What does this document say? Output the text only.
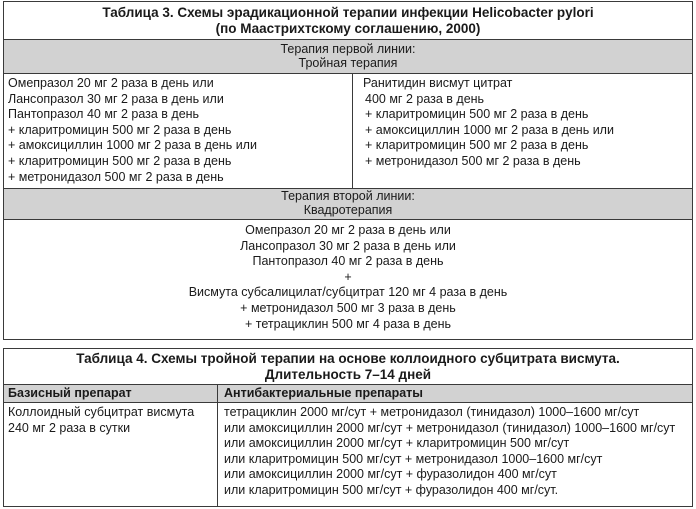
Таблица 3. Схемы эрадикационной терапии инфекции Helicobacter pylori
(по Маастрихтскому соглашению, 2000)
Терапия первой линии:
Тройная терапия
Омепразол 20 мг 2 раза в день или
Лансопразол 30 мг 2 раза в день или
Пантопразол 40 мг 2 раза в день
+ кларитромицин 500 мг 2 раза в день
+ амоксициллин 1000 мг 2 раза в день или
+ кларитромицин 500 мг 2 раза в день
+ метронидазол 500 мг 2 раза в день
Ранитидин висмут цитрат
400 мг 2 раза в день
+ кларитромицин 500 мг 2 раза в день
+ амоксициллин 1000 мг 2 раза в день или
+ кларитромицин 500 мг 2 раза в день
+ метронидазол 500 мг 2 раза в день
Терапия второй линии:
Квадротерапия
Омепразол 20 мг 2 раза в день или
Лансопразол 30 мг 2 раза в день или
Пантопразол 40 мг 2 раза в день
+
Висмута субсалицилат/субцитрат 120 мг 4 раза в день
+ метронидазол 500 мг 3 раза в день
+ тетрациклин 500 мг 4 раза в день
Таблица 4. Схемы тройной терапии на основе коллоидного субцитрата висмута.
Длительность 7–14 дней
Базисный препарат	Антибактериальные препараты
Коллоидный субцитрат висмута
240 мг 2 раза в сутки
тетрациклин 2000 мг/сут + метронидазол (тинидазол) 1000–1600 мг/сут
или амоксициллин 2000 мг/сут + метронидазол (тинидазол) 1000–1600 мг/сут
или амоксициллин 2000 мг/сут + кларитромицин 500 мг/сут
или кларитромицин 500 мг/сут + метронидазол 1000–1600 мг/сут
или амоксициллин 2000 мг/сут + фуразолидон 400 мг/сут
или кларитромицин 500 мг/сут + фуразолидон 400 мг/сут.
